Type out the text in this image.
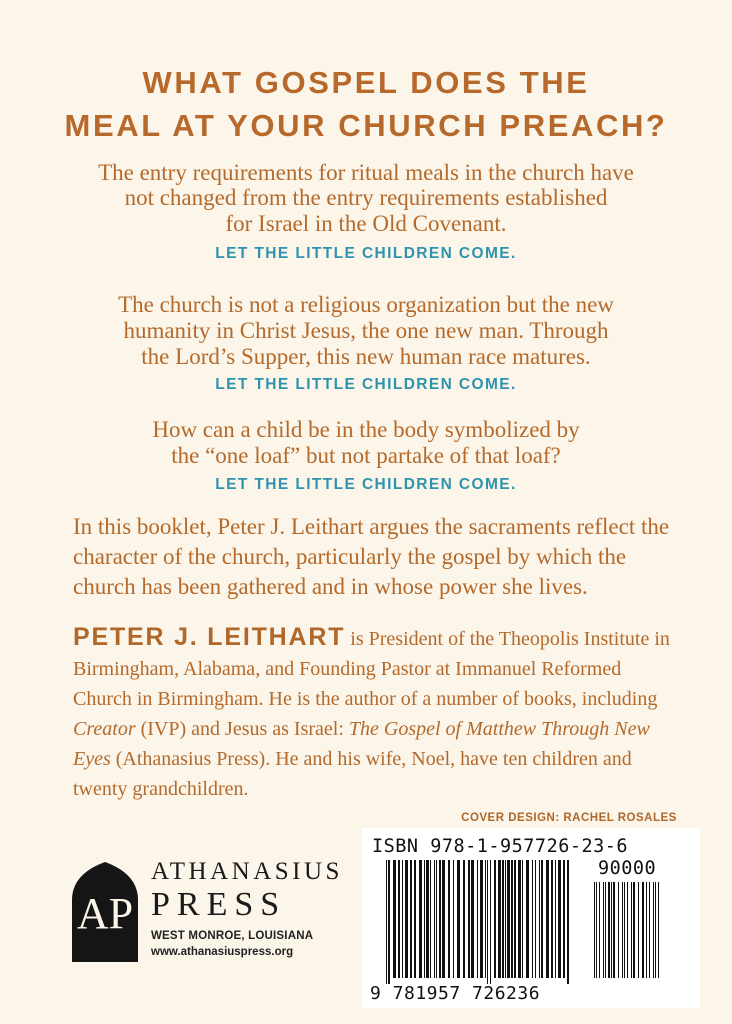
WHAT GOSPEL DOES THE
MEAL AT YOUR CHURCH PREACH?
The entry requirements for ritual meals in the church have
not changed from the entry requirements established
for Israel in the Old Covenant.
LET THE LITTLE CHILDREN COME.
The church is not a religious organization but the new
humanity in Christ Jesus, the one new man. Through
the Lord’s Supper, this new human race matures.
LET THE LITTLE CHILDREN COME.
How can a child be in the body symbolized by
the “one loaf” but not partake of that loaf?
LET THE LITTLE CHILDREN COME.
In this booklet, Peter J. Leithart argues the sacraments reflect the character of the church, particularly the gospel by which the church has been gathered and in whose power she lives.
PETER J. LEITHART is President of the Theopolis Institute in Birmingham, Alabama, and Founding Pastor at Immanuel Reformed Church in Birmingham. He is the author of a number of books, including Creator (IVP) and Jesus as Israel: The Gospel of Matthew Through New Eyes (Athanasius Press). He and his wife, Noel, have ten children and twenty grandchildren.
COVER DESIGN: RACHEL ROSALES
ISBN 978-1-957726-23-6
90000
9 781957 726236
AP
ATHANASIUS
PRESS
WEST MONROE, LOUISIANA
www.athanasiuspress.org
